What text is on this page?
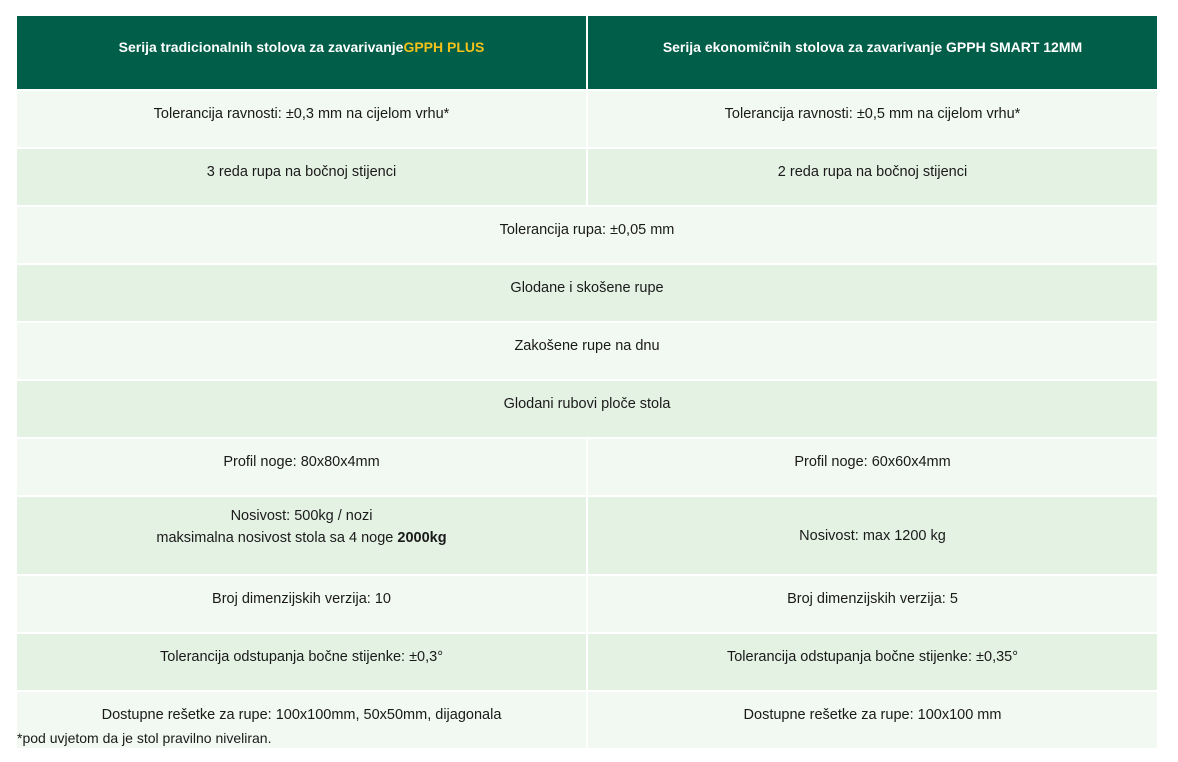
Serija tradicionalnih stolova za zavarivanje GPPH PLUS	Serija ekonomičnih stolova za zavarivanje GPPH SMART 12MM
Tolerancija ravnosti: ±0,3 mm na cijelom vrhu*	Tolerancija ravnosti: ±0,5 mm na cijelom vrhu*
3 reda rupa na bočnoj stijenci	2 reda rupa na bočnoj stijenci
Tolerancija rupa: ±0,05 mm
Glodane i skošene rupe
Zakošene rupe na dnu
Glodani rubovi ploče stola
Profil noge: 80x80x4mm	Profil noge: 60x60x4mm
Nosivost: 500kg / nozi
maksimalna nosivost stola sa 4 noge 2000kg	Nosivost: max 1200 kg
Broj dimenzijskih verzija: 10	Broj dimenzijskih verzija: 5
Tolerancija odstupanja bočne stijenke: ±0,3°	Tolerancija odstupanja bočne stijenke: ±0,35°
Dostupne rešetke za rupe: 100x100mm, 50x50mm, dijagonala	Dostupne rešetke za rupe: 100x100 mm
*pod uvjetom da je stol pravilno niveliran.
